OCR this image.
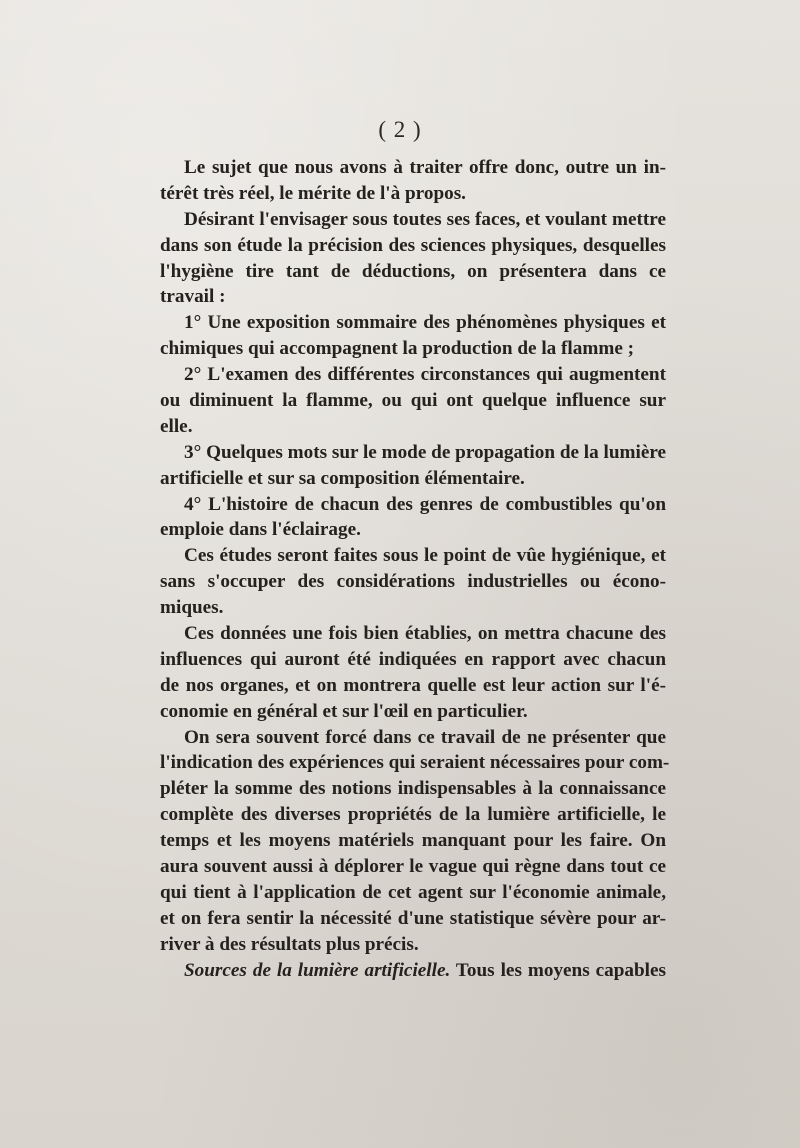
( 2 )
Le sujet que nous avons à traiter offre donc, outre un in-
térêt très réel, le mérite de l'à propos.
Désirant l'envisager sous toutes ses faces, et voulant mettre
dans son étude la précision des sciences physiques, desquelles
l'hygiène tire tant de déductions, on présentera dans ce
travail :
1° Une exposition sommaire des phénomènes physiques et
chimiques qui accompagnent la production de la flamme ;
2° L'examen des différentes circonstances qui augmentent
ou diminuent la flamme, ou qui ont quelque influence sur
elle.
3° Quelques mots sur le mode de propagation de la lumière
artificielle et sur sa composition élémentaire.
4° L'histoire de chacun des genres de combustibles qu'on
emploie dans l'éclairage.
Ces études seront faites sous le point de vûe hygiénique, et
sans s'occuper des considérations industrielles ou écono-
miques.
Ces données une fois bien établies, on mettra chacune des
influences qui auront été indiquées en rapport avec chacun
de nos organes, et on montrera quelle est leur action sur l'é-
conomie en général et sur l'œil en particulier.
On sera souvent forcé dans ce travail de ne présenter que
l'indication des expériences qui seraient nécessaires pour com-
pléter la somme des notions indispensables à la connaissance
complète des diverses propriétés de la lumière artificielle, le
temps et les moyens matériels manquant pour les faire. On
aura souvent aussi à déplorer le vague qui règne dans tout ce
qui tient à l'application de cet agent sur l'économie animale,
et on fera sentir la nécessité d'une statistique sévère pour ar-
river à des résultats plus précis.
Sources de la lumière artificielle. Tous les moyens capables
